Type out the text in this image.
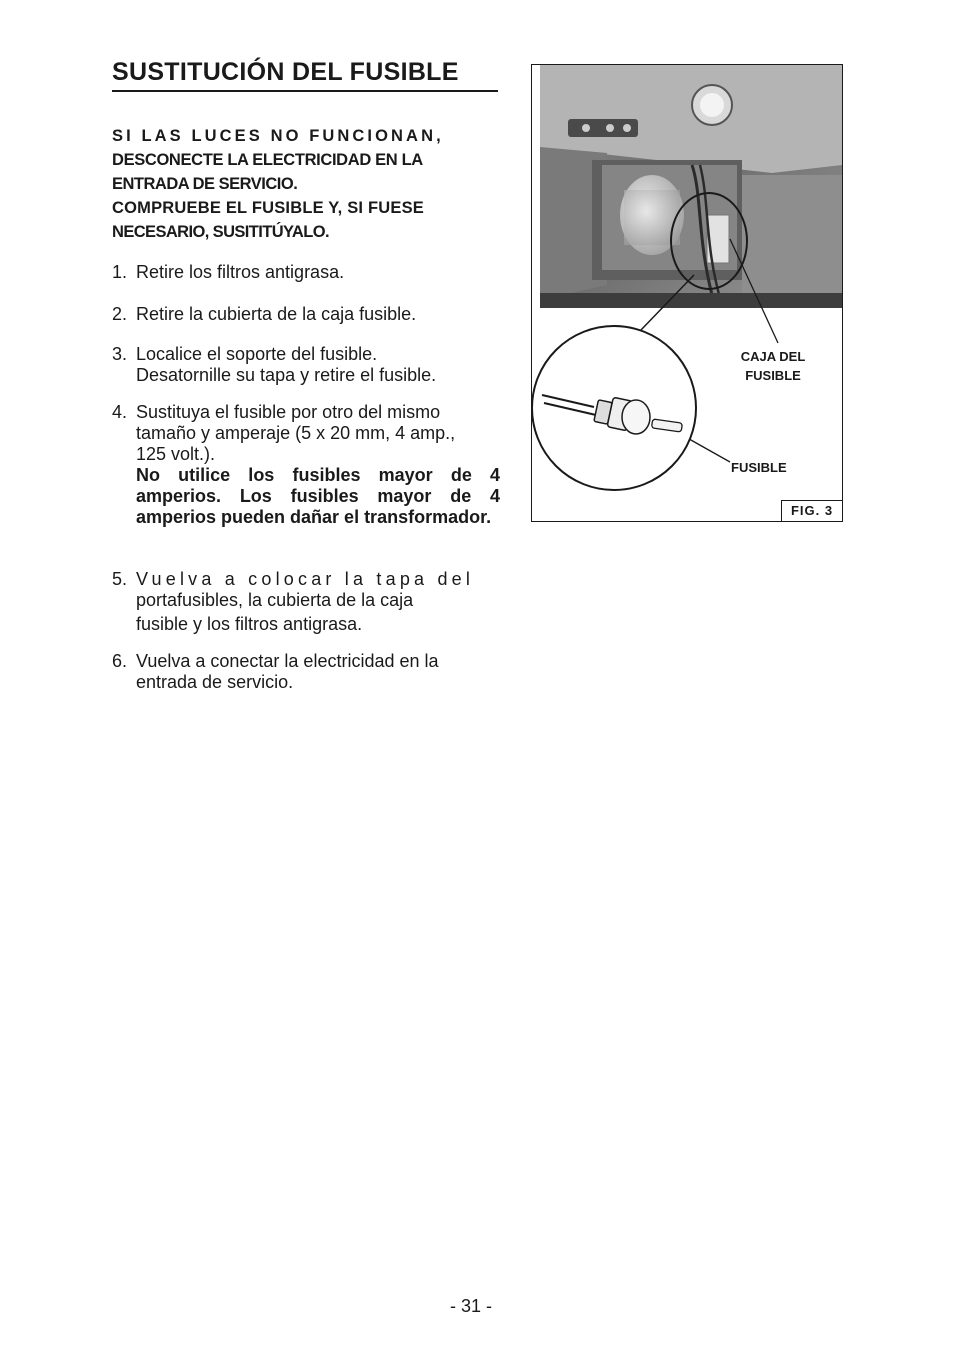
SUSTITUCIÓN DEL FUSIBLE
SI LAS LUCES NO FUNCIONAN,
DESCONECTE LA ELECTRICIDAD EN LA
ENTRADA DE SERVICIO.
COMPRUEBE EL FUSIBLE Y, SI FUESE
NECESARIO, SUSITITÚYALO.
1. Retire los filtros antigrasa.

2. Retire la cubierta de la caja fusible.

3. Localice el soporte del fusible.

Desatornille su tapa y retire el fusible.

4. Sustituya el fusible por otro del mismo

tamaño y amperaje (5 x 20 mm, 4 amp.,

125 volt.).

No utilice los fusibles mayor de 4 amperios. Los fusibles mayor de 4 amperios pueden dañar el transformador.

5. Vuelva a colocar la tapa del

portafusibles, la cubierta de la caja

fusible y los filtros antigrasa.

6. Vuelva a conectar la electricidad en la

entrada de servicio.

CAJA DEL
FUSIBLE
FUSIBLE
FIG. 3
- 31 -
